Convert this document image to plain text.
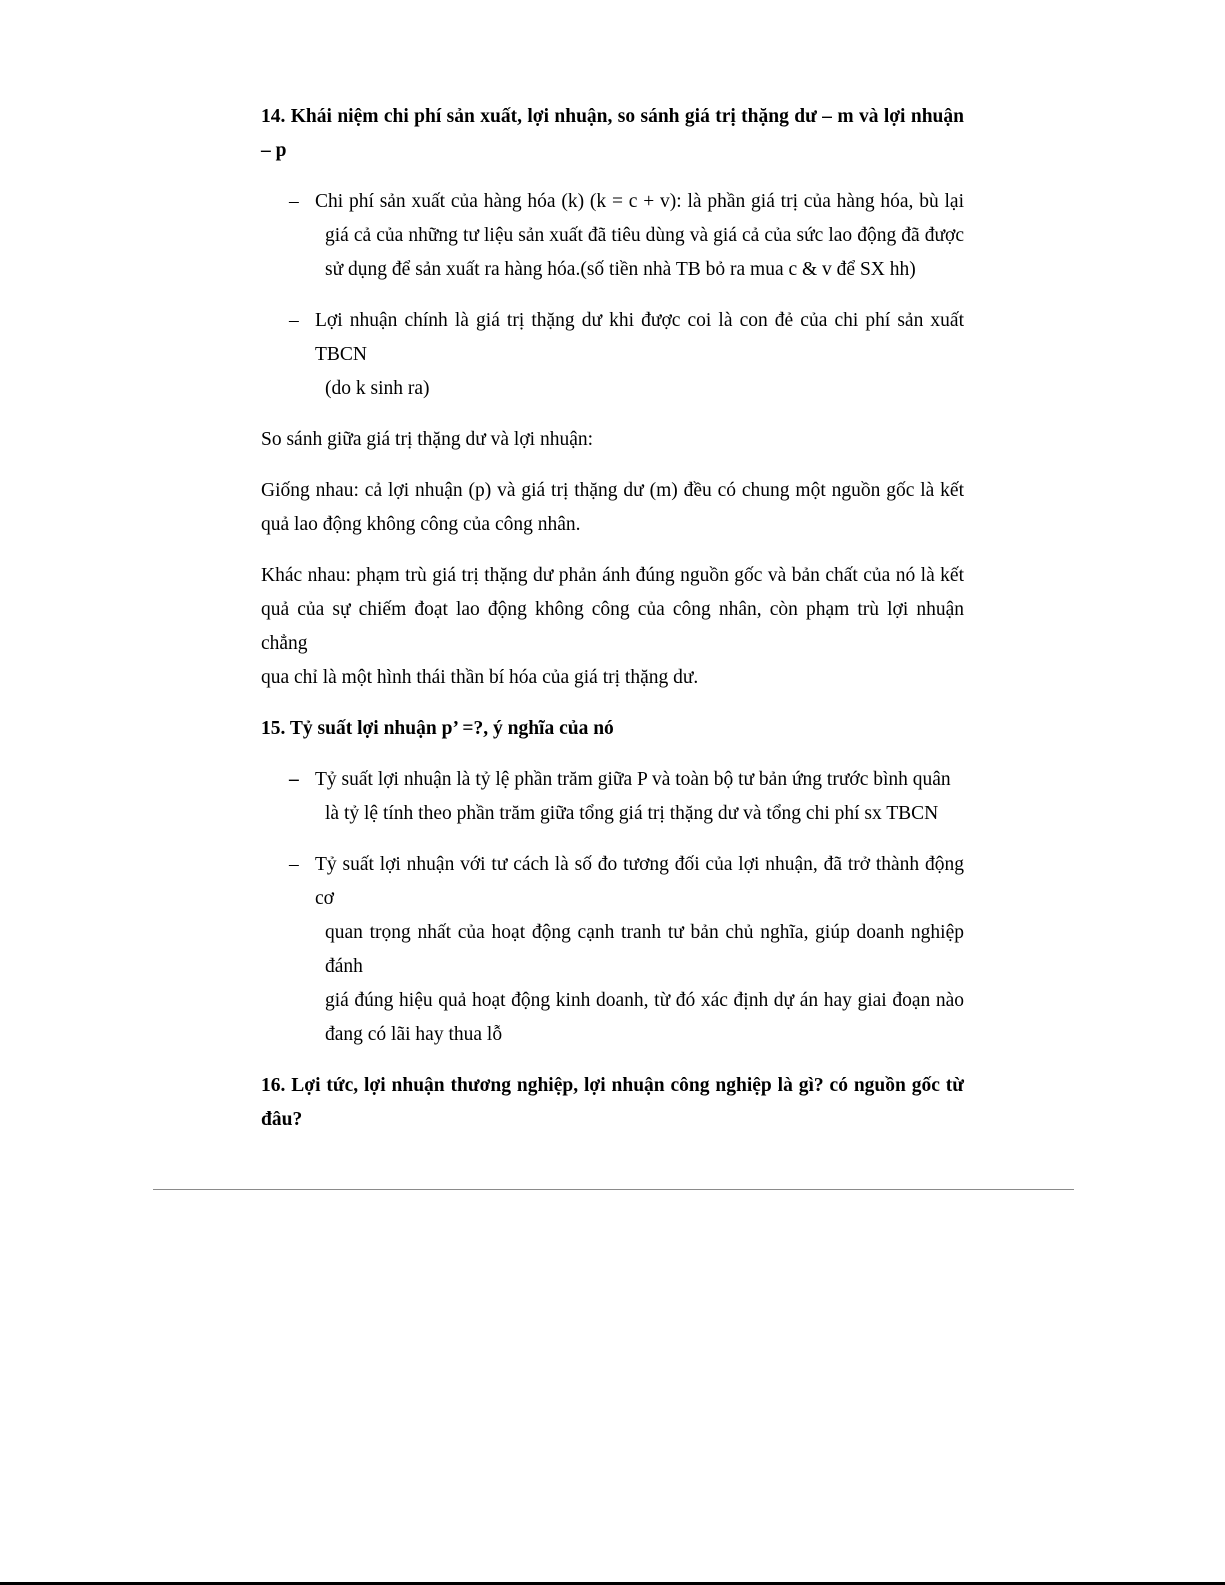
14. Khái niệm chi phí sản xuất, lợi nhuận, so sánh giá trị thặng dư – m và lợi nhuận
– p
– Chi phí sản xuất của hàng hóa (k) (k = c + v): là phần giá trị của hàng hóa, bù lại
giá cả của những tư liệu sản xuất đã tiêu dùng và giá cả của sức lao động đã được
sử dụng để sản xuất ra hàng hóa.(số tiền nhà TB bỏ ra mua c & v để SX hh)
– Lợi nhuận chính là giá trị thặng dư khi được coi là con đẻ của chi phí sản xuất TBCN
(do k sinh ra)
So sánh giữa giá trị thặng dư và lợi nhuận:
Giống nhau: cả lợi nhuận (p) và giá trị thặng dư (m) đều có chung một nguồn gốc là kết
quả lao động không công của công nhân.
Khác nhau: phạm trù giá trị thặng dư phản ánh đúng nguồn gốc và bản chất của nó là kết
quả của sự chiếm đoạt lao động không công của công nhân, còn phạm trù lợi nhuận chẳng
qua chỉ là một hình thái thần bí hóa của giá trị thặng dư.
15. Tỷ suất lợi nhuận p’ =?, ý nghĩa của nó
– Tỷ suất lợi nhuận là tỷ lệ phần trăm giữa P và toàn bộ tư bản ứng trước bình quân
là tỷ lệ tính theo phần trăm giữa tổng giá trị thặng dư và tổng chi phí sx TBCN
– Tỷ suất lợi nhuận với tư cách là số đo tương đối của lợi nhuận, đã trở thành động cơ
quan trọng nhất của hoạt động cạnh tranh tư bản chủ nghĩa, giúp doanh nghiệp đánh
giá đúng hiệu quả hoạt động kinh doanh, từ đó xác định dự án hay giai đoạn nào
đang có lãi hay thua lỗ
16. Lợi tức, lợi nhuận thương nghiệp, lợi nhuận công nghiệp là gì? có nguồn gốc từ
đâu?
